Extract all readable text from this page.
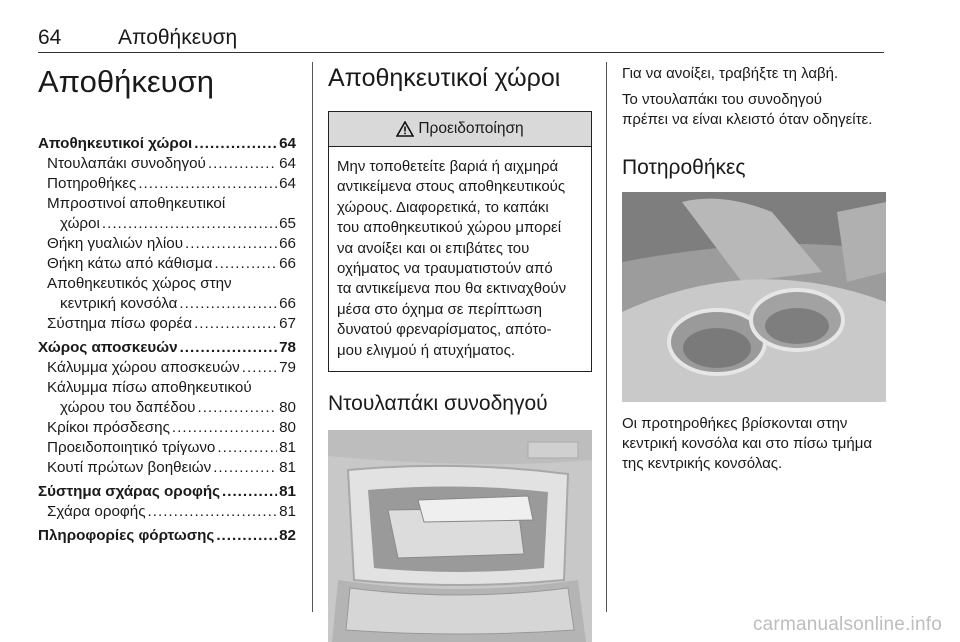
64	Αποθήκευση
Αποθήκευση
Αποθηκευτικοί χώροι .....	64
Ντουλαπάκι συνοδηγού .....	64
Ποτηροθήκες .....	64
Μπροστινοί αποθηκευτικοί
χώροι .....	65
Θήκη γυαλιών ηλίου .....	66
Θήκη κάτω από κάθισμα .....	66
Αποθηκευτικός χώρος στην
κεντρική κονσόλα .....	66
Σύστημα πίσω φορέα .....	67
Χώρος αποσκευών .....	78
Κάλυμμα χώρου αποσκευών .....	79
Κάλυμμα πίσω αποθηκευτικού
χώρου του δαπέδου .....	80
Κρίκοι πρόσδεσης .....	80
Προειδοποιητικό τρίγωνο .....	81
Κουτί πρώτων βοηθειών .....	81
Σύστημα σχάρας οροφής .....	81
Σχάρα οροφής .....	81
Πληροφορίες φόρτωσης .....	82
Αποθηκευτικοί χώροι
Προειδοποίηση
Μην τοποθετείτε βαριά ή αιχμηρά
αντικείμενα στους αποθηκευτικούς
χώρους. Διαφορετικά, το καπάκι
του αποθηκευτικού χώρου μπορεί
να ανοίξει και οι επιβάτες του
οχήματος να τραυματιστούν από
τα αντικείμενα που θα εκτιναχθούν
μέσα στο όχημα σε περίπτωση
δυνατού φρεναρίσματος, απότο-
μου ελιγμού ή ατυχήματος.
Ντουλαπάκι συνοδηγού

Για να ανοίξει, τραβήξτε τη λαβή.

Το ντουλαπάκι του συνοδηγού
πρέπει να είναι κλειστό όταν οδηγείτε.

Ποτηροθήκες

Οι προτηροθήκες βρίσκονται στην
κεντρική κονσόλα και στο πίσω τμήμα
της κεντρικής κονσόλας.

carmanualsonline.info
